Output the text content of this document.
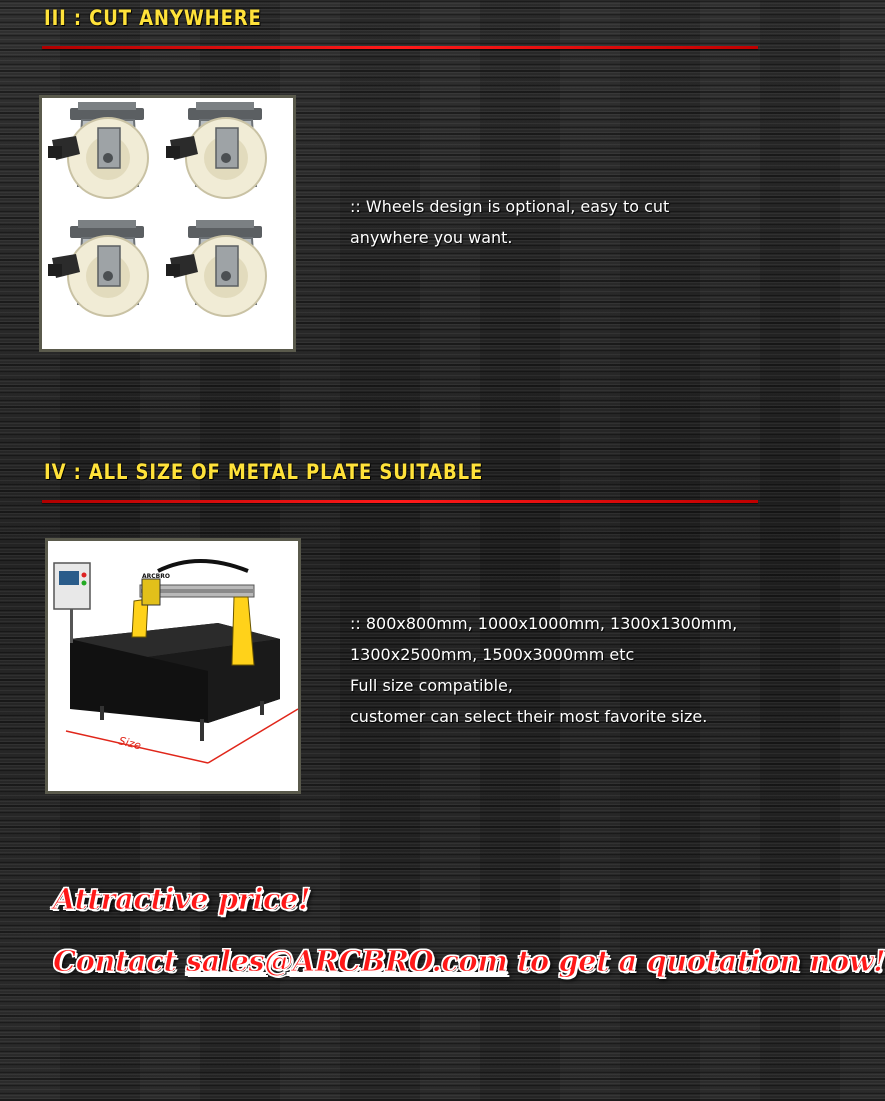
III : CUT ANYWHERE

:: Wheels design is optional, easy to cut
anywhere you want.

IV : ALL SIZE OF METAL PLATE SUITABLE
Size
ARCBRO

:: 800x800mm, 1000x1000mm, 1300x1300mm,
1300x2500mm, 1500x3000mm etc
Full size compatible,
customer can select their most favorite size.

Attractive price!

Contact sales@ARCBRO.com to get a quotation now!
